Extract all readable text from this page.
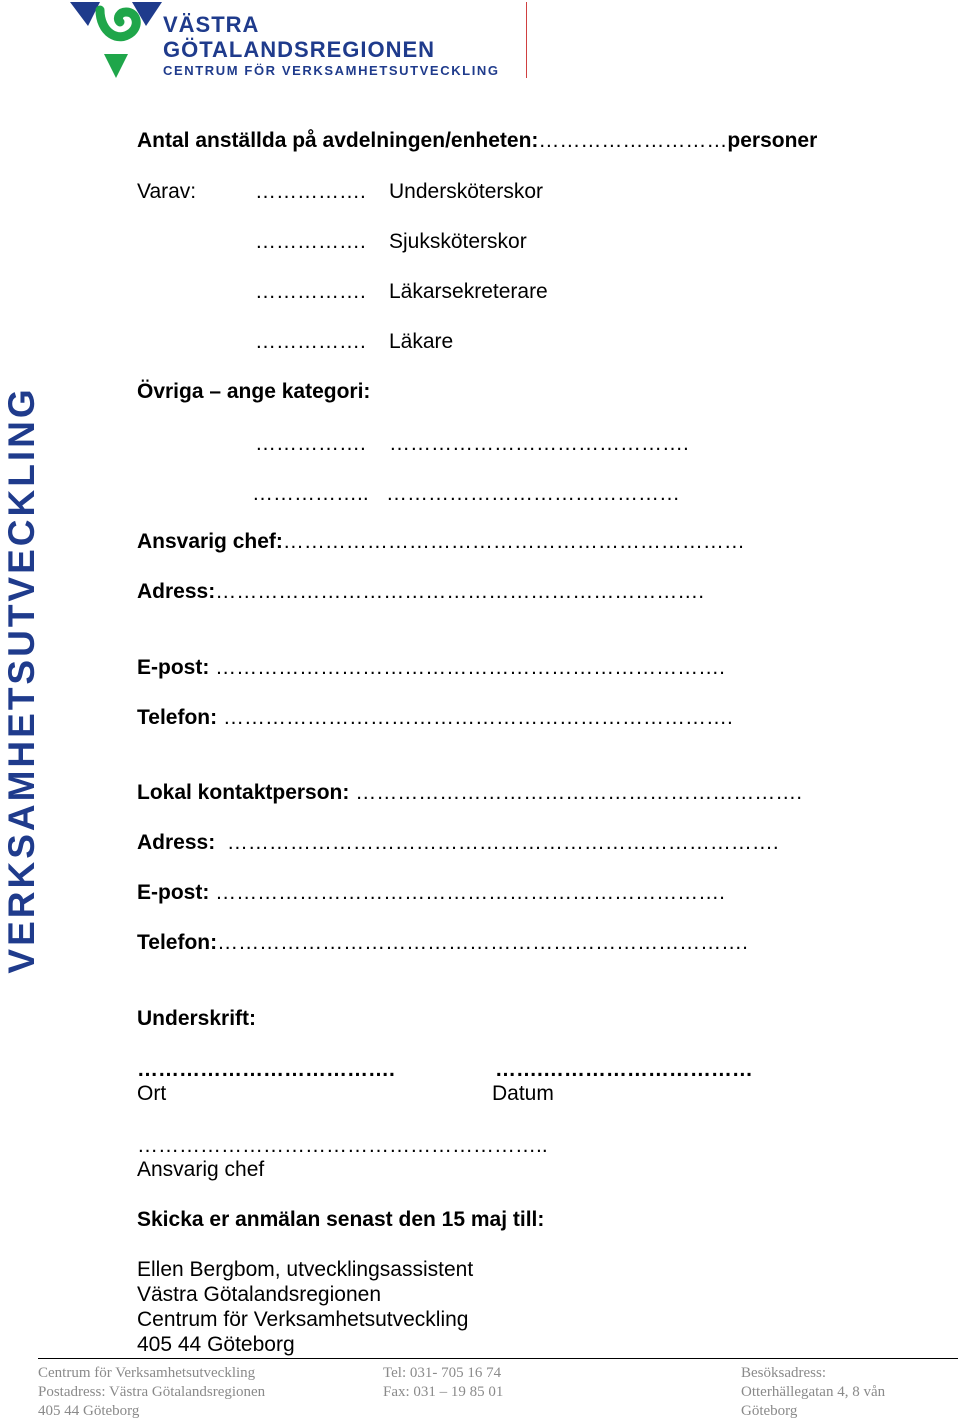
VÄSTRA
GÖTALANDSREGIONEN
CENTRUM FÖR VERKSAMHETSUTVECKLING
VERKSAMHETSUTVECKLING
Antal anställda på avdelningen/enheten:………………………personer
Varav:	……………. Undersköterskor
……………. Sjuksköterskor
……………. Läkarsekreterare
……………. Läkare
Övriga – ange kategori:
……………. …………………………………….
…………….. ……………………………………
Ansvarig chef:…………………………………………………………
Adress:…………………………………………………………….
E-post: ……………………………………………………………….
Telefon: ……………………………………………………………….
Lokal kontaktperson: ……………………………………………………….
Adress:  …………………………………………………………………….
E-post: ……………………………………………………………….
Telefon:………………………………………………………………….
Underskrift:
……………………………….	…….…………………………
Ort	Datum
…………………………………………………..
Ansvarig chef
Skicka er anmälan senast den 15 maj till:
Ellen Bergbom, utvecklingsassistent
Västra Götalandsregionen
Centrum för Verksamhetsutveckling
405 44 Göteborg
Centrum för Verksamhetsutveckling
Postadress: Västra Götalandsregionen
405 44 Göteborg
Tel: 031- 705 16 74
Fax: 031 – 19 85 01
Besöksadress:
Otterhällegatan 4, 8 vån
Göteborg
